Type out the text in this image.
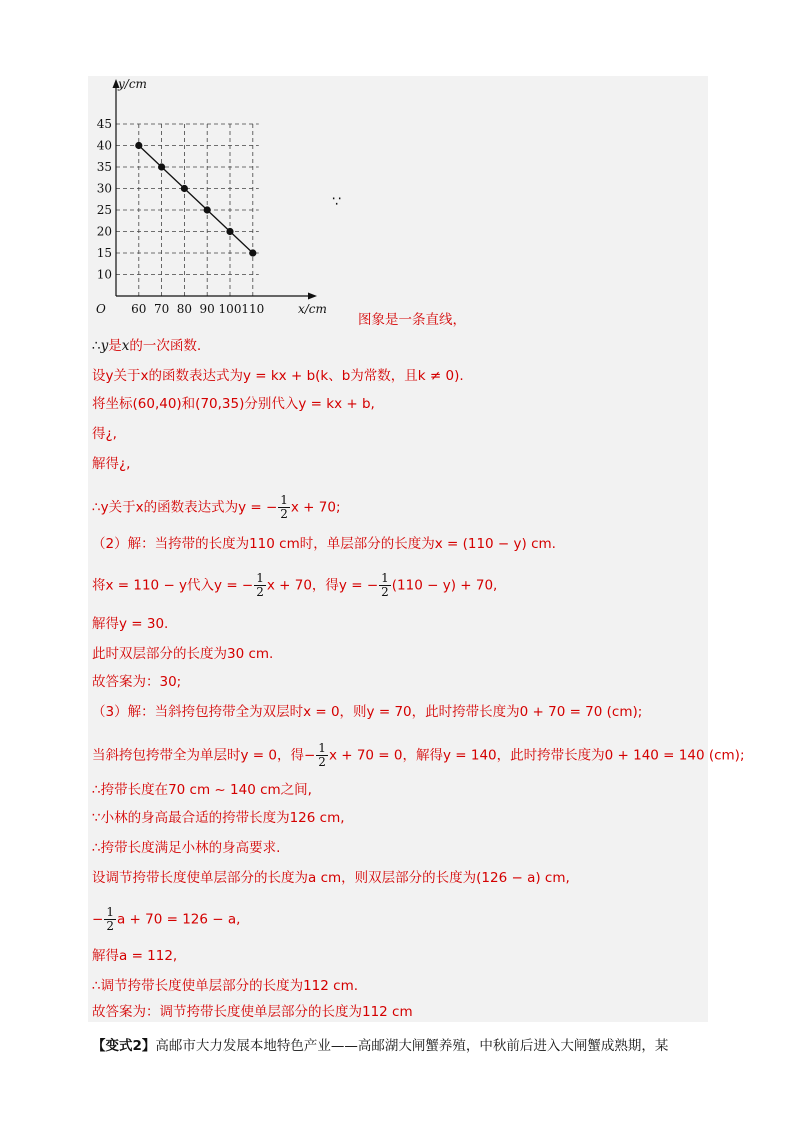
60 70 80 90 100 110
10
15
20
25
30
35
40
45
O
y/cm
x/cm
∵
图象是一条直线，
∴y是x的一次函数.
设y关于x的函数表达式为y = kx + b(k、b为常数，且k ≠ 0).
将坐标(60,40)和(70,35)分别代入y = kx + b,
得¿,
解得¿,
∴y关于x的函数表达式为y = − $\frac{1}{2}$ x + 70;
（2）解：当挎带的长度为110 cm时，单层部分的长度为x = (110 − y) cm.
将x = 110 − y代入y = − $\frac{1}{2}$ x + 70，得y = − $\frac{1}{2} (110 - y) + 70$,
解得y = 30.
此时双层部分的长度为30 cm.
故答案为：30;
（3）解：当斜挎包挎带全为双层时x = 0，则y = 70，此时挎带长度为0 + 70 = 70 (cm);
当斜挎包挎带全为单层时y = 0，得− $\frac{1}{2}$ x + 70 = 0，解得y = 140，此时挎带长度为0 + 140 = 140 (cm);
∴挎带长度在70 cm ~ 140 cm之间,
∵小林的身高最合适的挎带长度为126 cm,
∴挎带长度满足小林的身高要求.
设调节挎带长度使单层部分的长度为a cm，则双层部分的长度为(126 − a) cm,
− $\frac{1}{2}$ a + 70 = 126 − a,
解得a = 112,
∴调节挎带长度使单层部分的长度为112 cm.
故答案为：调节挎带长度使单层部分的长度为112 cm
【变式2】高邮市大力发展本地特色产业——高邮湖大闸蟹养殖，中秋前后进入大闸蟹成熟期，某
